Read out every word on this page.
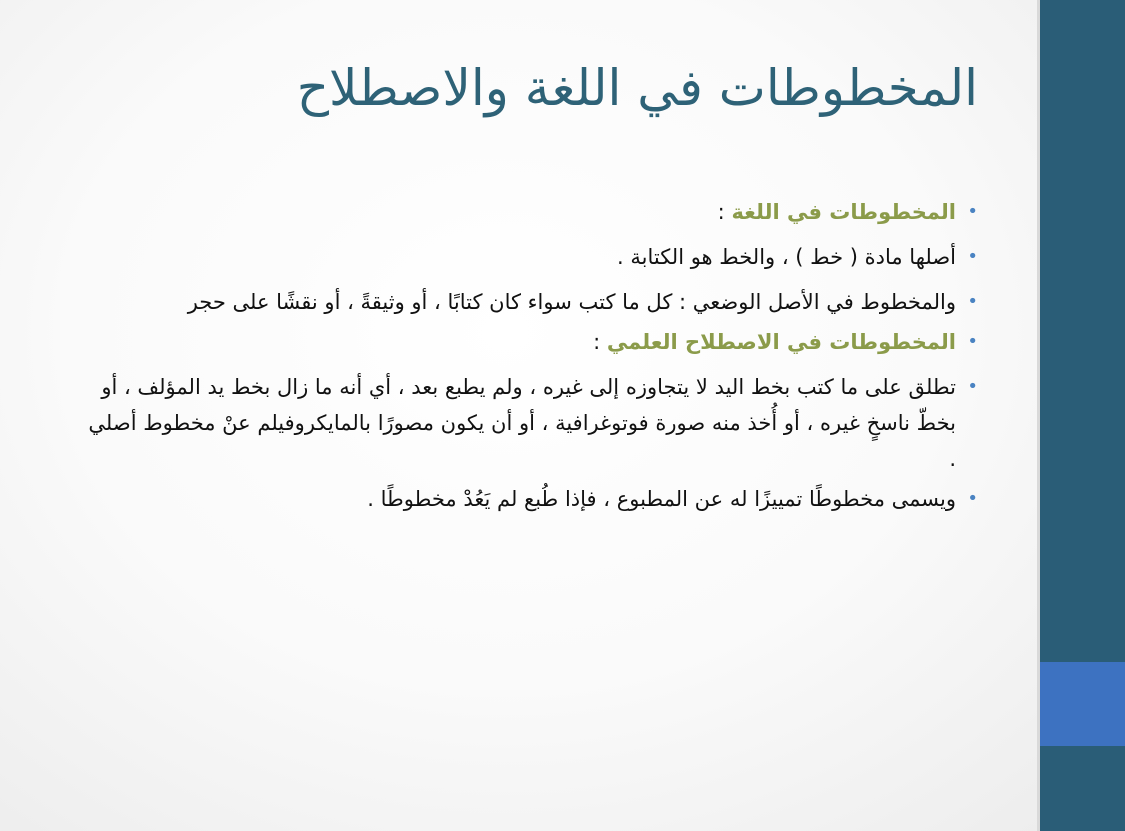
المخطوطات في اللغة والاصطلاح
•
المخطوطات في اللغة :
•
أصلها مادة ( خط ) ، والخط هو الكتابة .
•
والمخطوط في الأصل الوضعي : كل ما كتب سواء كان كتابًا ، أو وثيقةً ، أو نقشًا على حجر
•
المخطوطات في الاصطلاح العلمي :
•
تطلق على ما كتب بخط اليد لا يتجاوزه إلى غيره ، ولم يطبع بعد ، أي أنه ما زال بخط يد المؤلف ، أو بخطّ ناسخٍ غيره ، أو أُخذ منه صورة فوتوغرافية ، أو أن يكون مصورًا بالمايكروفيلم عنْ مخطوط أصلي .
•
ويسمى مخطوطًا تمييزًا له عن المطبوع ، فإذا طُبع لم يَعُدْ مخطوطًا .
